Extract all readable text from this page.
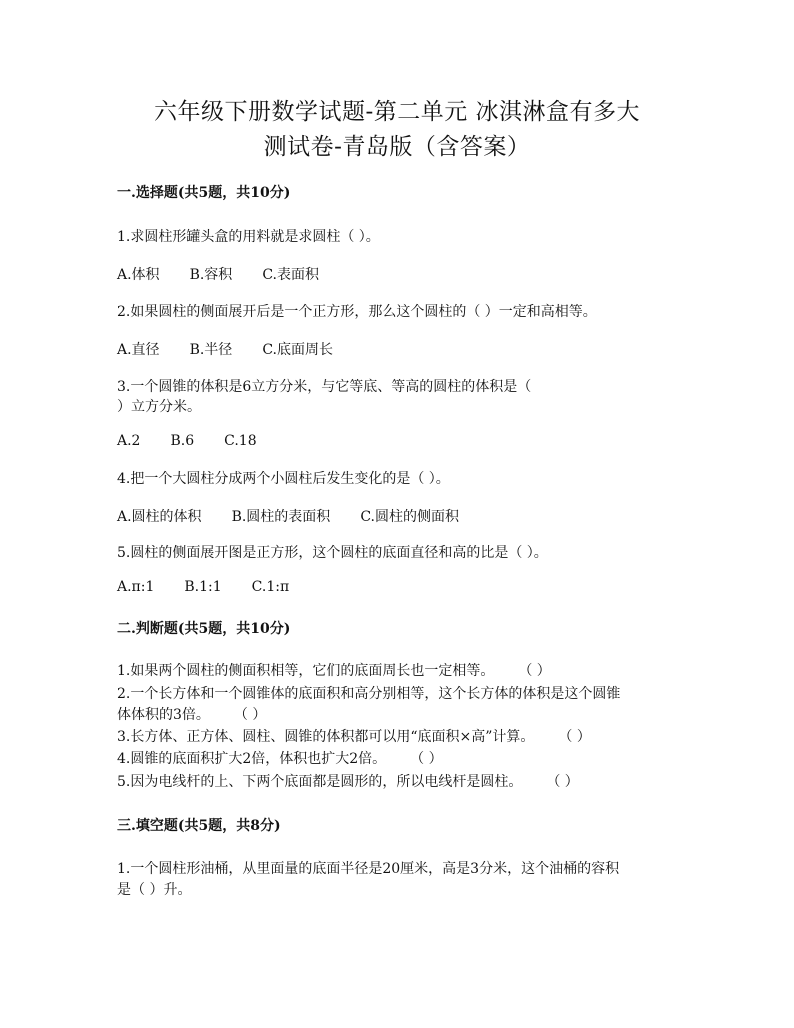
六年级下册数学试题-第二单元 冰淇淋盒有多大
测试卷-青岛版（含答案）
一.选择题(共5题，共10分)
1.求圆柱形罐头盒的用料就是求圆柱（ ）。
A.体积 B.容积 C.表面积
2.如果圆柱的侧面展开后是一个正方形，那么这个圆柱的（ ）一定和高相等。
A.直径 B.半径 C.底面周长
3.一个圆锥的体积是6立方分米，与它等底、等高的圆柱的体积是（
）立方分米。
A.2 B.6 C.18
4.把一个大圆柱分成两个小圆柱后发生变化的是（ ）。
A.圆柱的体积 B.圆柱的表面积 C.圆柱的侧面积
5.圆柱的侧面展开图是正方形，这个圆柱的底面直径和高的比是（ ）。
A.π:1 B.1:1 C.1:π
二.判断题(共5题，共10分)
1.如果两个圆柱的侧面积相等，它们的底面周长也一定相等。 （ ）
2.一个长方体和一个圆锥体的底面积和高分别相等，这个长方体的体积是这个圆锥
体体积的3倍。 （ ）
3.长方体、正方体、圆柱、圆锥的体积都可以用“底面积×高”计算。 （ ）
4.圆锥的底面积扩大2倍，体积也扩大2倍。 （ ）
5.因为电线杆的上、下两个底面都是圆形的，所以电线杆是圆柱。 （ ）
三.填空题(共5题，共8分)
1.一个圆柱形油桶，从里面量的底面半径是20厘米，高是3分米，这个油桶的容积
是（ ）升。
